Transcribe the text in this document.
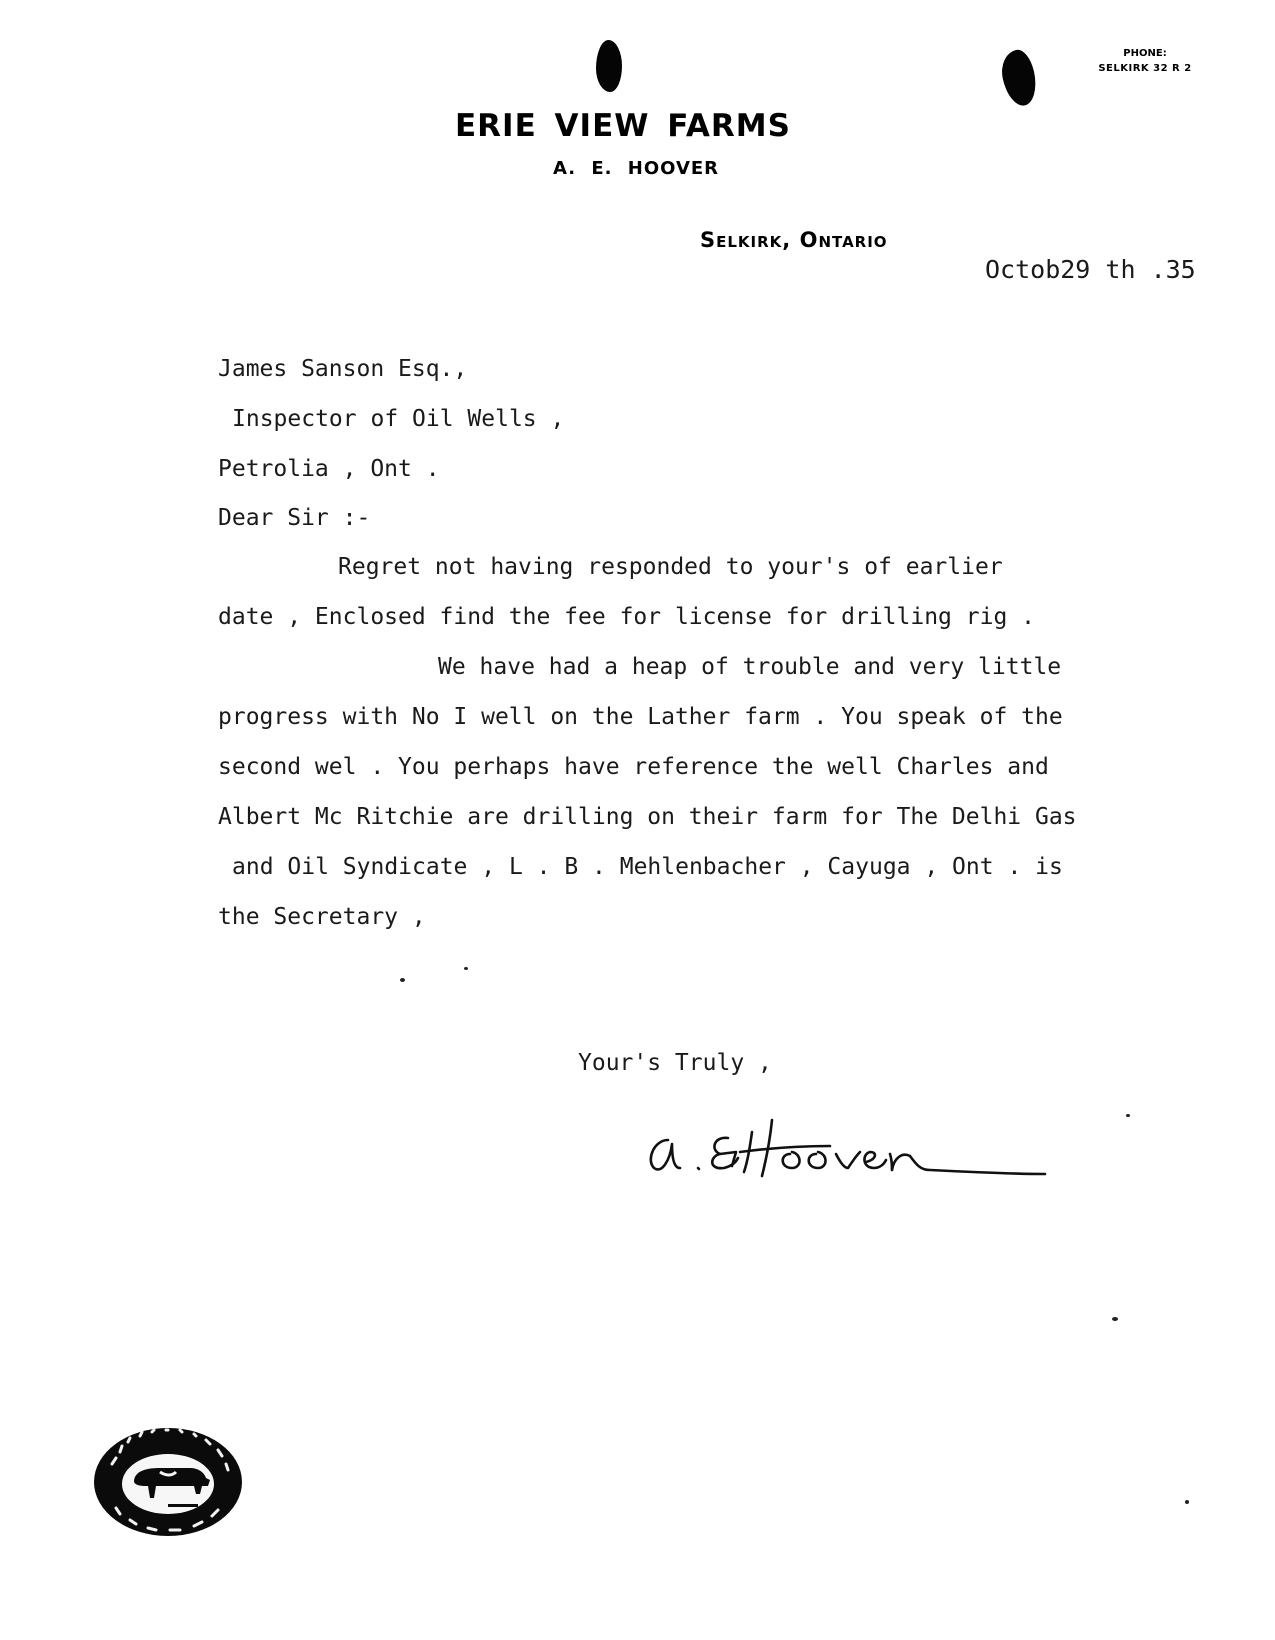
PHONE:
SELKIRK 32 R 2
ERIE VIEW FARMS
A. E. HOOVER
Selkirk, Ontario
Octob29 th .35
James Sanson Esq.,
Inspector of Oil Wells ,
Petrolia , Ont .
Dear Sir :-
Regret not having responded to your's of earlier
date , Enclosed find the fee for license for drilling rig .
We have had a heap of trouble and very little
progress with No I well on the Lather farm . You speak of the
second wel . You perhaps have reference the well Charles and
Albert Mc Ritchie are drilling on their farm for The Delhi Gas
and Oil Syndicate , L . B . Mehlenbacher , Cayuga , Ont . is
the Secretary ,
Your's Truly ,
